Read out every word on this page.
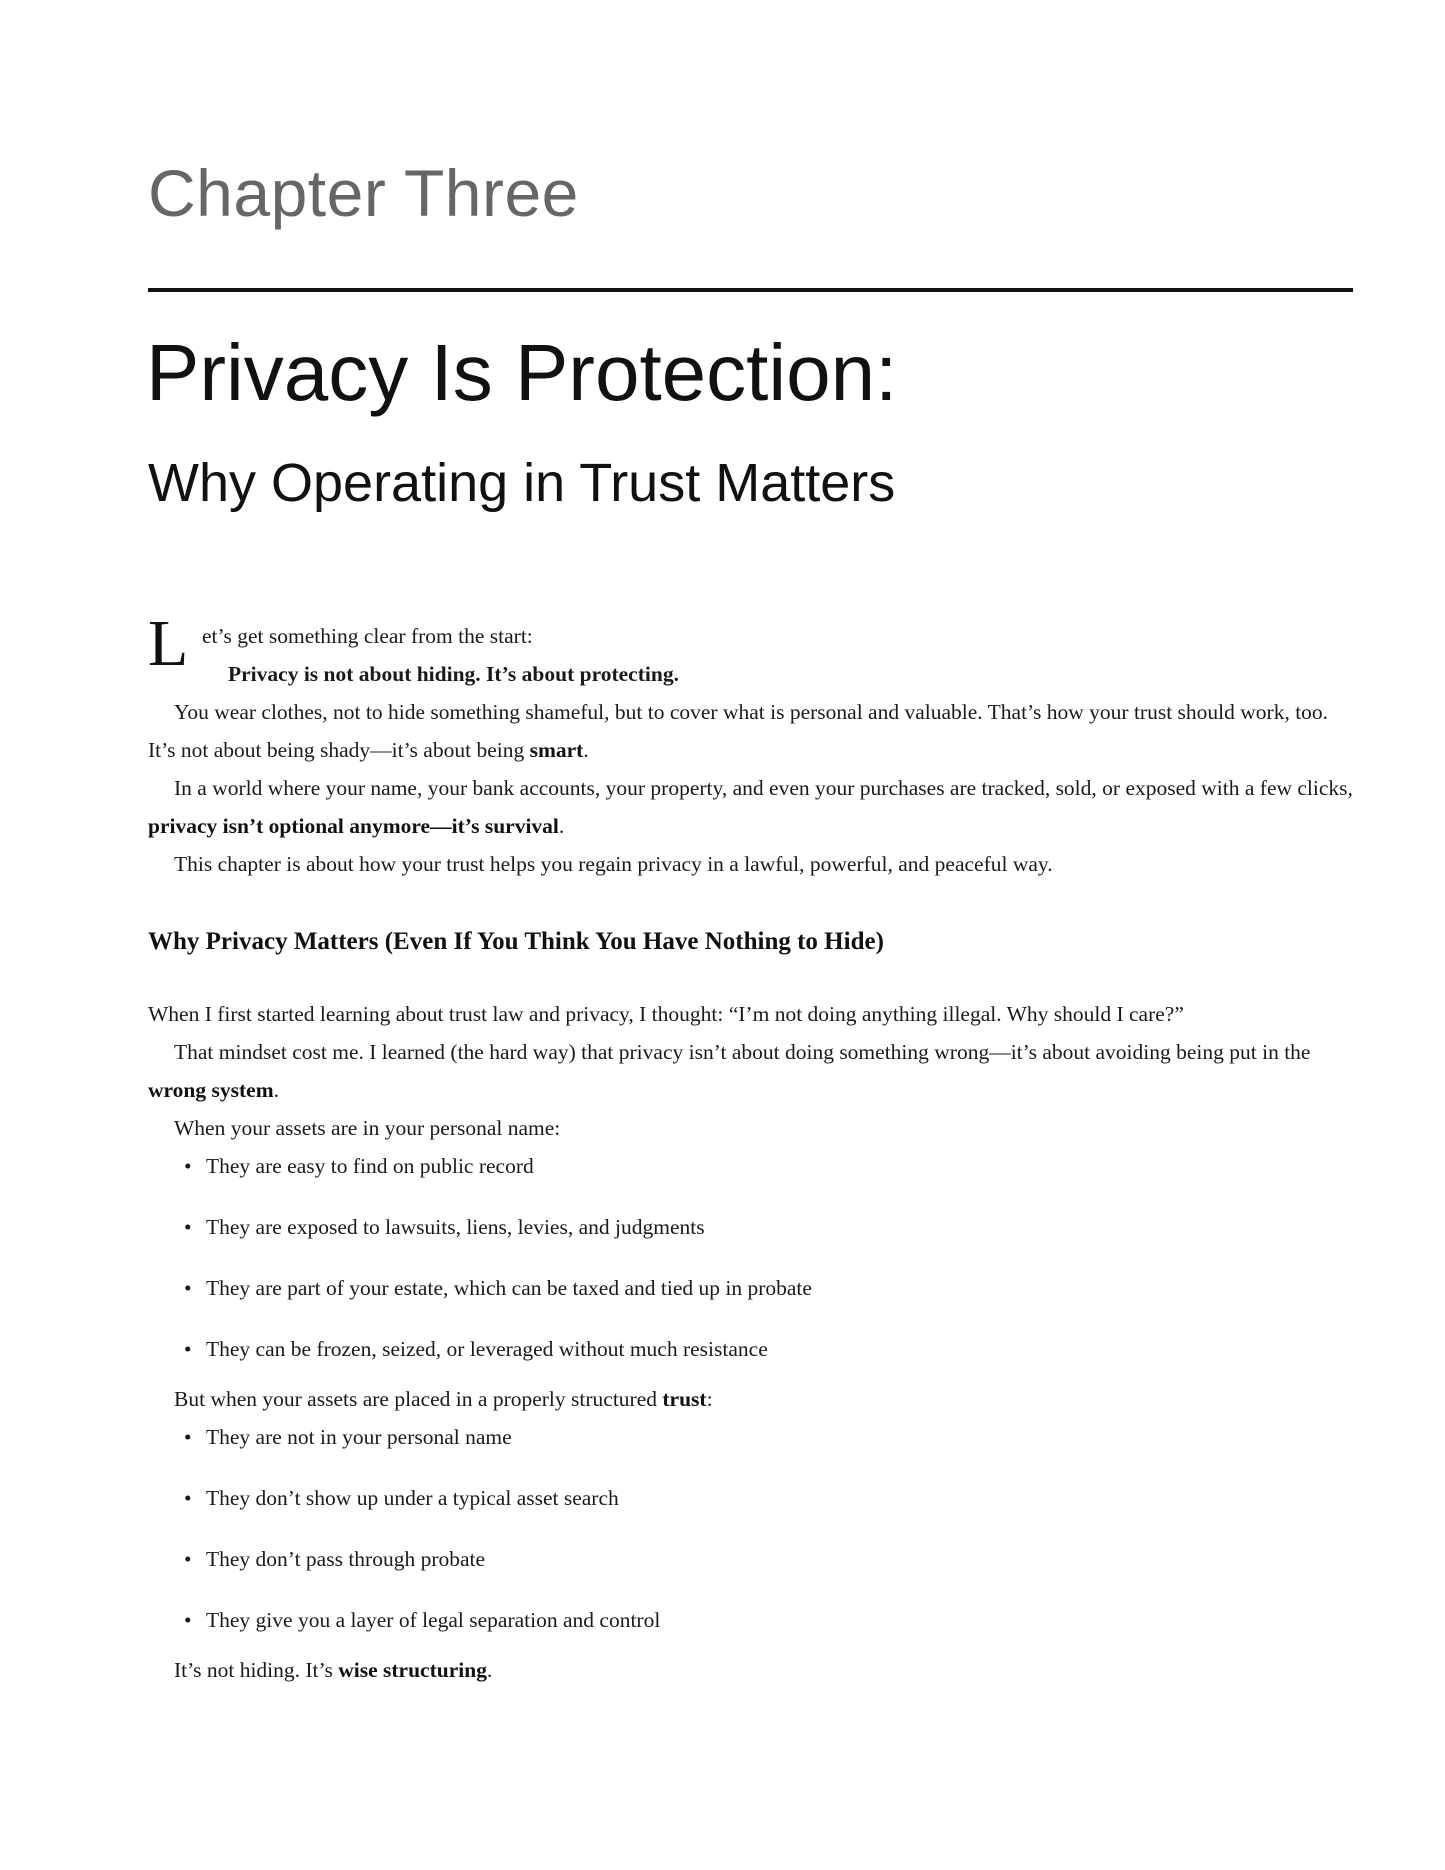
Chapter Three
Privacy Is Protection:
Why Operating in Trust Matters
L et’s get something clear from the start:

Privacy is not about hiding. It’s about protecting.

You wear clothes, not to hide something shameful, but to cover what is personal and valuable. That’s how your trust should work, too. It’s not about being shady—it’s about being smart.

In a world where your name, your bank accounts, your property, and even your purchases are tracked, sold, or exposed with a few clicks, privacy isn’t optional anymore—it’s survival.

This chapter is about how your trust helps you regain privacy in a lawful, powerful, and peaceful way.

Why Privacy Matters (Even If You Think You Have Nothing to Hide)

When I first started learning about trust law and privacy, I thought: “I’m not doing anything illegal. Why should I care?”

That mindset cost me. I learned (the hard way) that privacy isn’t about doing something wrong—it’s about avoiding being put in the wrong system.

When your assets are in your personal name:

• They are easy to find on public record
• They are exposed to lawsuits, liens, levies, and judgments
• They are part of your estate, which can be taxed and tied up in probate
• They can be frozen, seized, or leveraged without much resistance

But when your assets are placed in a properly structured trust:

• They are not in your personal name
• They don’t show up under a typical asset search
• They don’t pass through probate
• They give you a layer of legal separation and control

It’s not hiding. It’s wise structuring.
